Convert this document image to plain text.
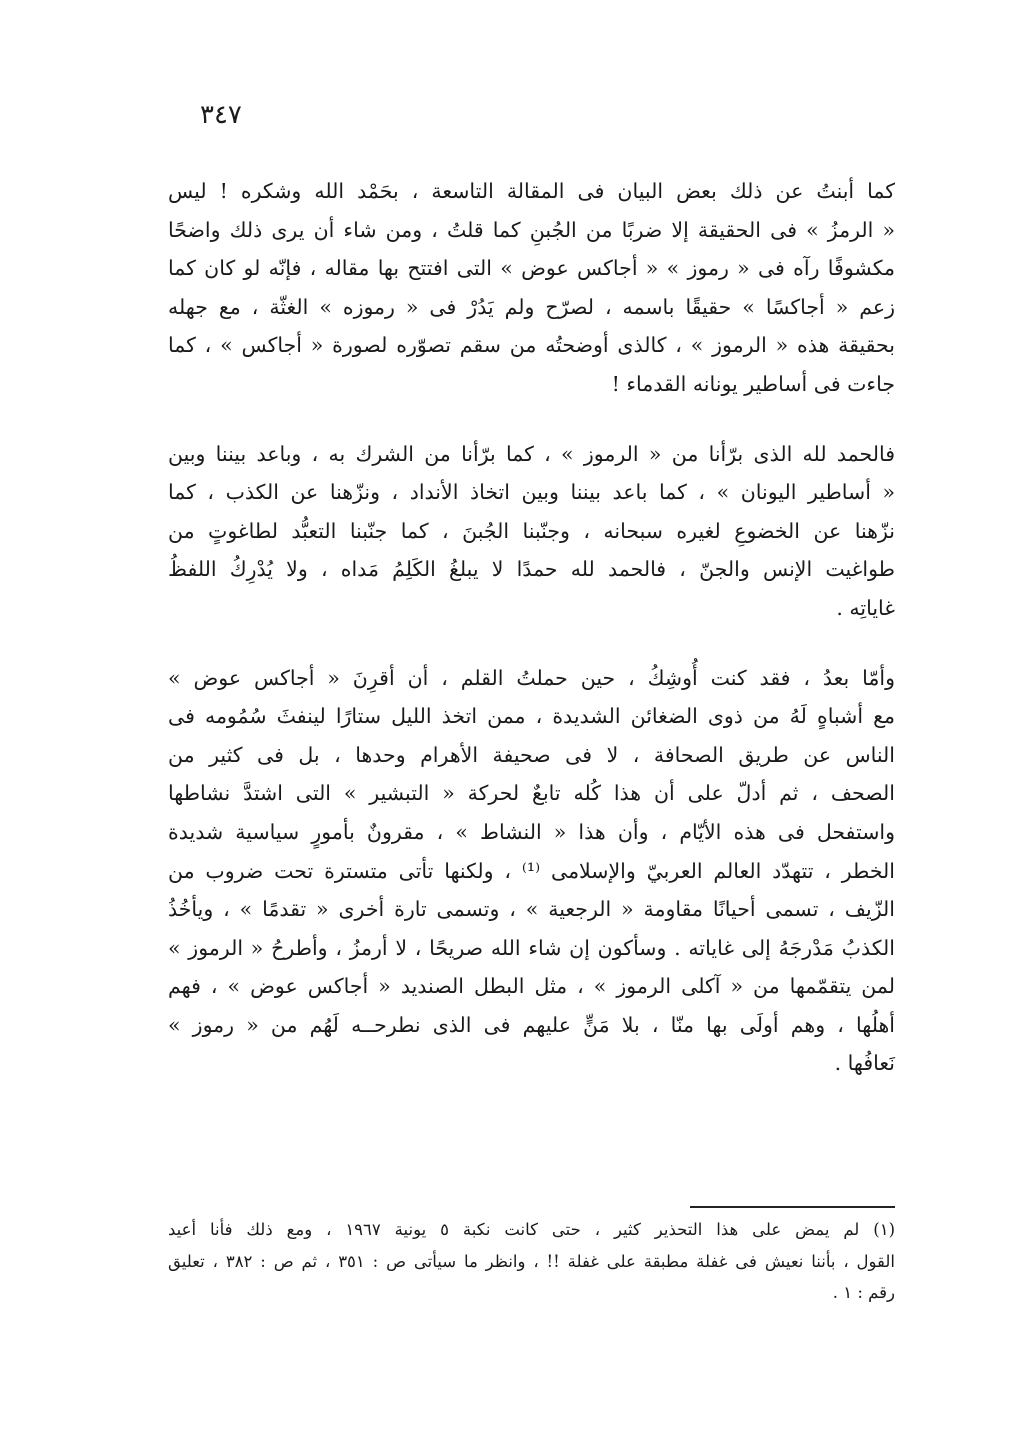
٣٤٧
كما أبنتُ عن ذلك بعض البيان فى المقالة التاسعة ، بحَمْد الله وشكره ! ليس
« الرمزُ » فى الحقيقة إلا ضربًا من الجُبنِ كما قلتُ ، ومن شاء أن يرى ذلك واضحًا
مكشوفًا رآه فى « رموز » « أجاكس عوض » التى افتتح بها مقاله ، فإنّه لو كان كما
زعم « أجاكسًا » حقيقًا باسمه ، لصرّح ولم يَدُرْ فى « رموزه » الغثّة ، مع جهله
بحقيقة هذه « الرموز » ، كالذى أوضحتُه من سقم تصوّره لصورة « أجاكس » ، كما
جاءت فى أساطير يونانه القدماء !
فالحمد لله الذى برّأنا من « الرموز » ، كما برّأنا من الشرك به ، وباعد بيننا وبين
« أساطير اليونان » ، كما باعد بيننا وبين اتخاذ الأنداد ، ونزّهنا عن الكذب ، كما
نزّهنا عن الخضوعِ لغيره سبحانه ، وجنّبنا الجُبنَ ، كما جنّبنا التعبُّد لطاغوتٍ من
طواغيت الإنس والجنّ ، فالحمد لله حمدًا لا يبلغُ الكَلِمُ مَداه ، ولا يُدْرِكُ اللفظُ
غاياتِه .
وأمّا بعدُ ، فقد كنت أُوشِكُ ، حين حملتُ القلم ، أن أقرِنَ « أجاكس عوض »
مع أشباهٍ لَهُ من ذوى الضغائن الشديدة ، ممن اتخذ الليل ستارًا لينفثَ سُمُومه فى
الناس عن طريق الصحافة ، لا فى صحيفة الأهرام وحدها ، بل فى كثير من
الصحف ، ثم أدلّ على أن هذا كُله تابعٌ لحركة « التبشير » التى اشتدَّ نشاطها
واستفحل فى هذه الأيّام ، وأن هذا « النشاط » ، مقرونٌ بأمورٍ سياسية شديدة
الخطر ، تتهدّد العالم العربيّ والإسلامى ⁽¹⁾ ، ولكنها تأتى متسترة تحت ضروب من
الزّيف ، تسمى أحيانًا مقاومة « الرجعية » ، وتسمى تارة أخرى « تقدمًا » ، ويأخُذُ
الكذبُ مَدْرجَهُ إلى غاياته . وسأكون إن شاء الله صريحًا ، لا أرمزُ ، وأطرحُ « الرموز »
لمن يتقمّمها من « آكلى الرموز » ، مثل البطل الصنديد « أجاكس عوض » ، فهم
أهلُها ، وهم أولَى بها منّا ، بلا مَنٍّ عليهم فى الذى نطرحــه لَهُم من « رموز »
نَعافُها .
(١) لم يمض على هذا التحذير كثير ، حتى كانت نكبة ٥ يونية ١٩٦٧ ، ومع ذلك فأنا أعيد
القول ، بأننا نعيش فى غفلة مطبقة على غفلة !! ، وانظر ما سيأتى ص : ٣٥١ ، ثم ص : ٣٨٢ ، تعليق
رقم : ١ .
